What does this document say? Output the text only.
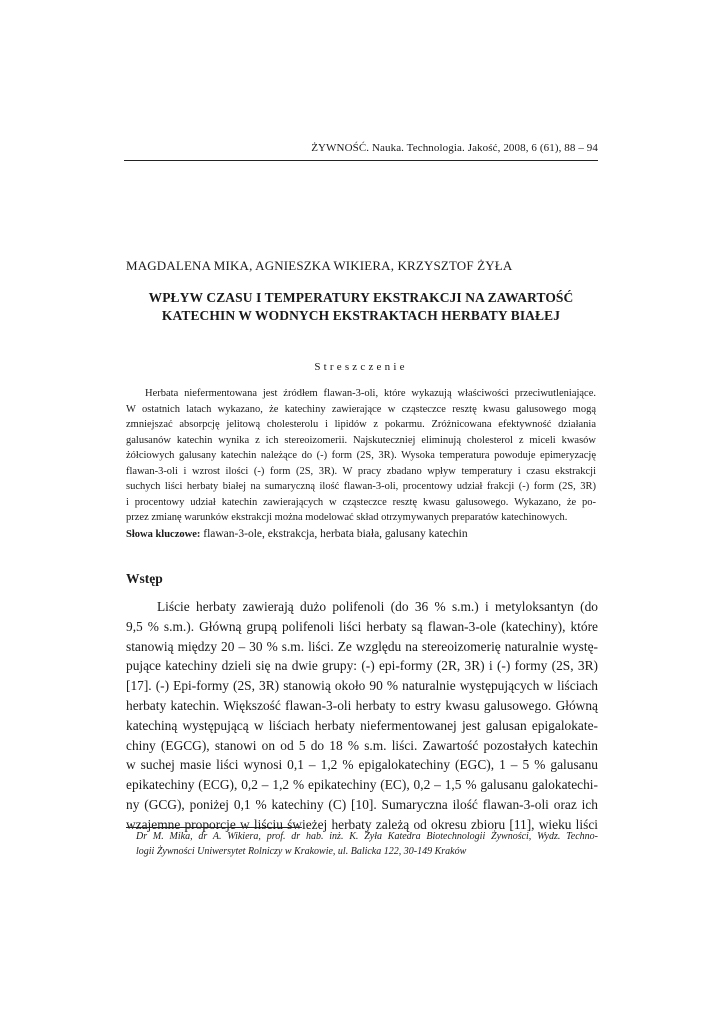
ŻYWNOŚĆ. Nauka. Technologia. Jakość, 2008, 6 (61), 88 – 94
MAGDALENA MIKA, AGNIESZKA WIKIERA, KRZYSZTOF ŻYŁA
WPŁYW CZASU I TEMPERATURY EKSTRAKCJI NA ZAWARTOŚĆ
KATECHIN W WODNYCH EKSTRAKTACH HERBATY BIAŁEJ
Streszczenie
Herbata niefermentowana jest źródłem flawan-3-oli, które wykazują właściwości przeciwutleniające.
W ostatnich latach wykazano, że katechiny zawierające w cząsteczce resztę kwasu galusowego mogą
zmniejszać absorpcję jelitową cholesterolu i lipidów z pokarmu. Zróżnicowana efektywność działania
galusanów katechin wynika z ich stereoizomerii. Najskuteczniej eliminują cholesterol z miceli kwasów
żółciowych galusany katechin należące do (-) form (2S, 3R). Wysoka temperatura powoduje epimeryzację
flawan-3-oli i wzrost ilości (-) form (2S, 3R). W pracy zbadano wpływ temperatury i czasu ekstrakcji
suchych liści herbaty białej na sumaryczną ilość flawan-3-oli, procentowy udział frakcji (-) form (2S, 3R)
i procentowy udział katechin zawierających w cząsteczce resztę kwasu galusowego. Wykazano, że po-
przez zmianę warunków ekstrakcji można modelować skład otrzymywanych preparatów katechinowych.
Słowa kluczowe: flawan-3-ole, ekstrakcja, herbata biała, galusany katechin
Wstęp
Liście herbaty zawierają dużo polifenoli (do 36 % s.m.) i metyloksantyn (do
9,5 % s.m.). Główną grupą polifenoli liści herbaty są flawan-3-ole (katechiny), które
stanowią między 20 – 30 % s.m. liści. Ze względu na stereoizomerię naturalnie wystę-
pujące katechiny dzieli się na dwie grupy: (-) epi-formy (2R, 3R) i (-) formy (2S, 3R)
[17]. (-) Epi-formy (2S, 3R) stanowią około 90 % naturalnie występujących w liściach
herbaty katechin. Większość flawan-3-oli herbaty to estry kwasu galusowego. Główną
katechiną występującą w liściach herbaty niefermentowanej jest galusan epigalokate-
chiny (EGCG), stanowi on od 5 do 18 % s.m. liści. Zawartość pozostałych katechin
w suchej masie liści wynosi 0,1 – 1,2 % epigalokatechiny (EGC), 1 – 5 % galusanu
epikatechiny (ECG), 0,2 – 1,2 % epikatechiny (EC), 0,2 – 1,5 % galusanu galokatechi-
ny (GCG), poniżej 0,1 % katechiny (C) [10]. Sumaryczna ilość flawan-3-oli oraz ich
wzajemne proporcje w liściu świeżej herbaty zależą od okresu zbioru [11], wieku liści
Dr M. Mika, dr A. Wikiera, prof. dr hab. inż. K. Żyła Katedra Biotechnologii Żywności, Wydz. Techno-
logii Żywności Uniwersytet Rolniczy w Krakowie, ul. Balicka 122, 30-149 Kraków
